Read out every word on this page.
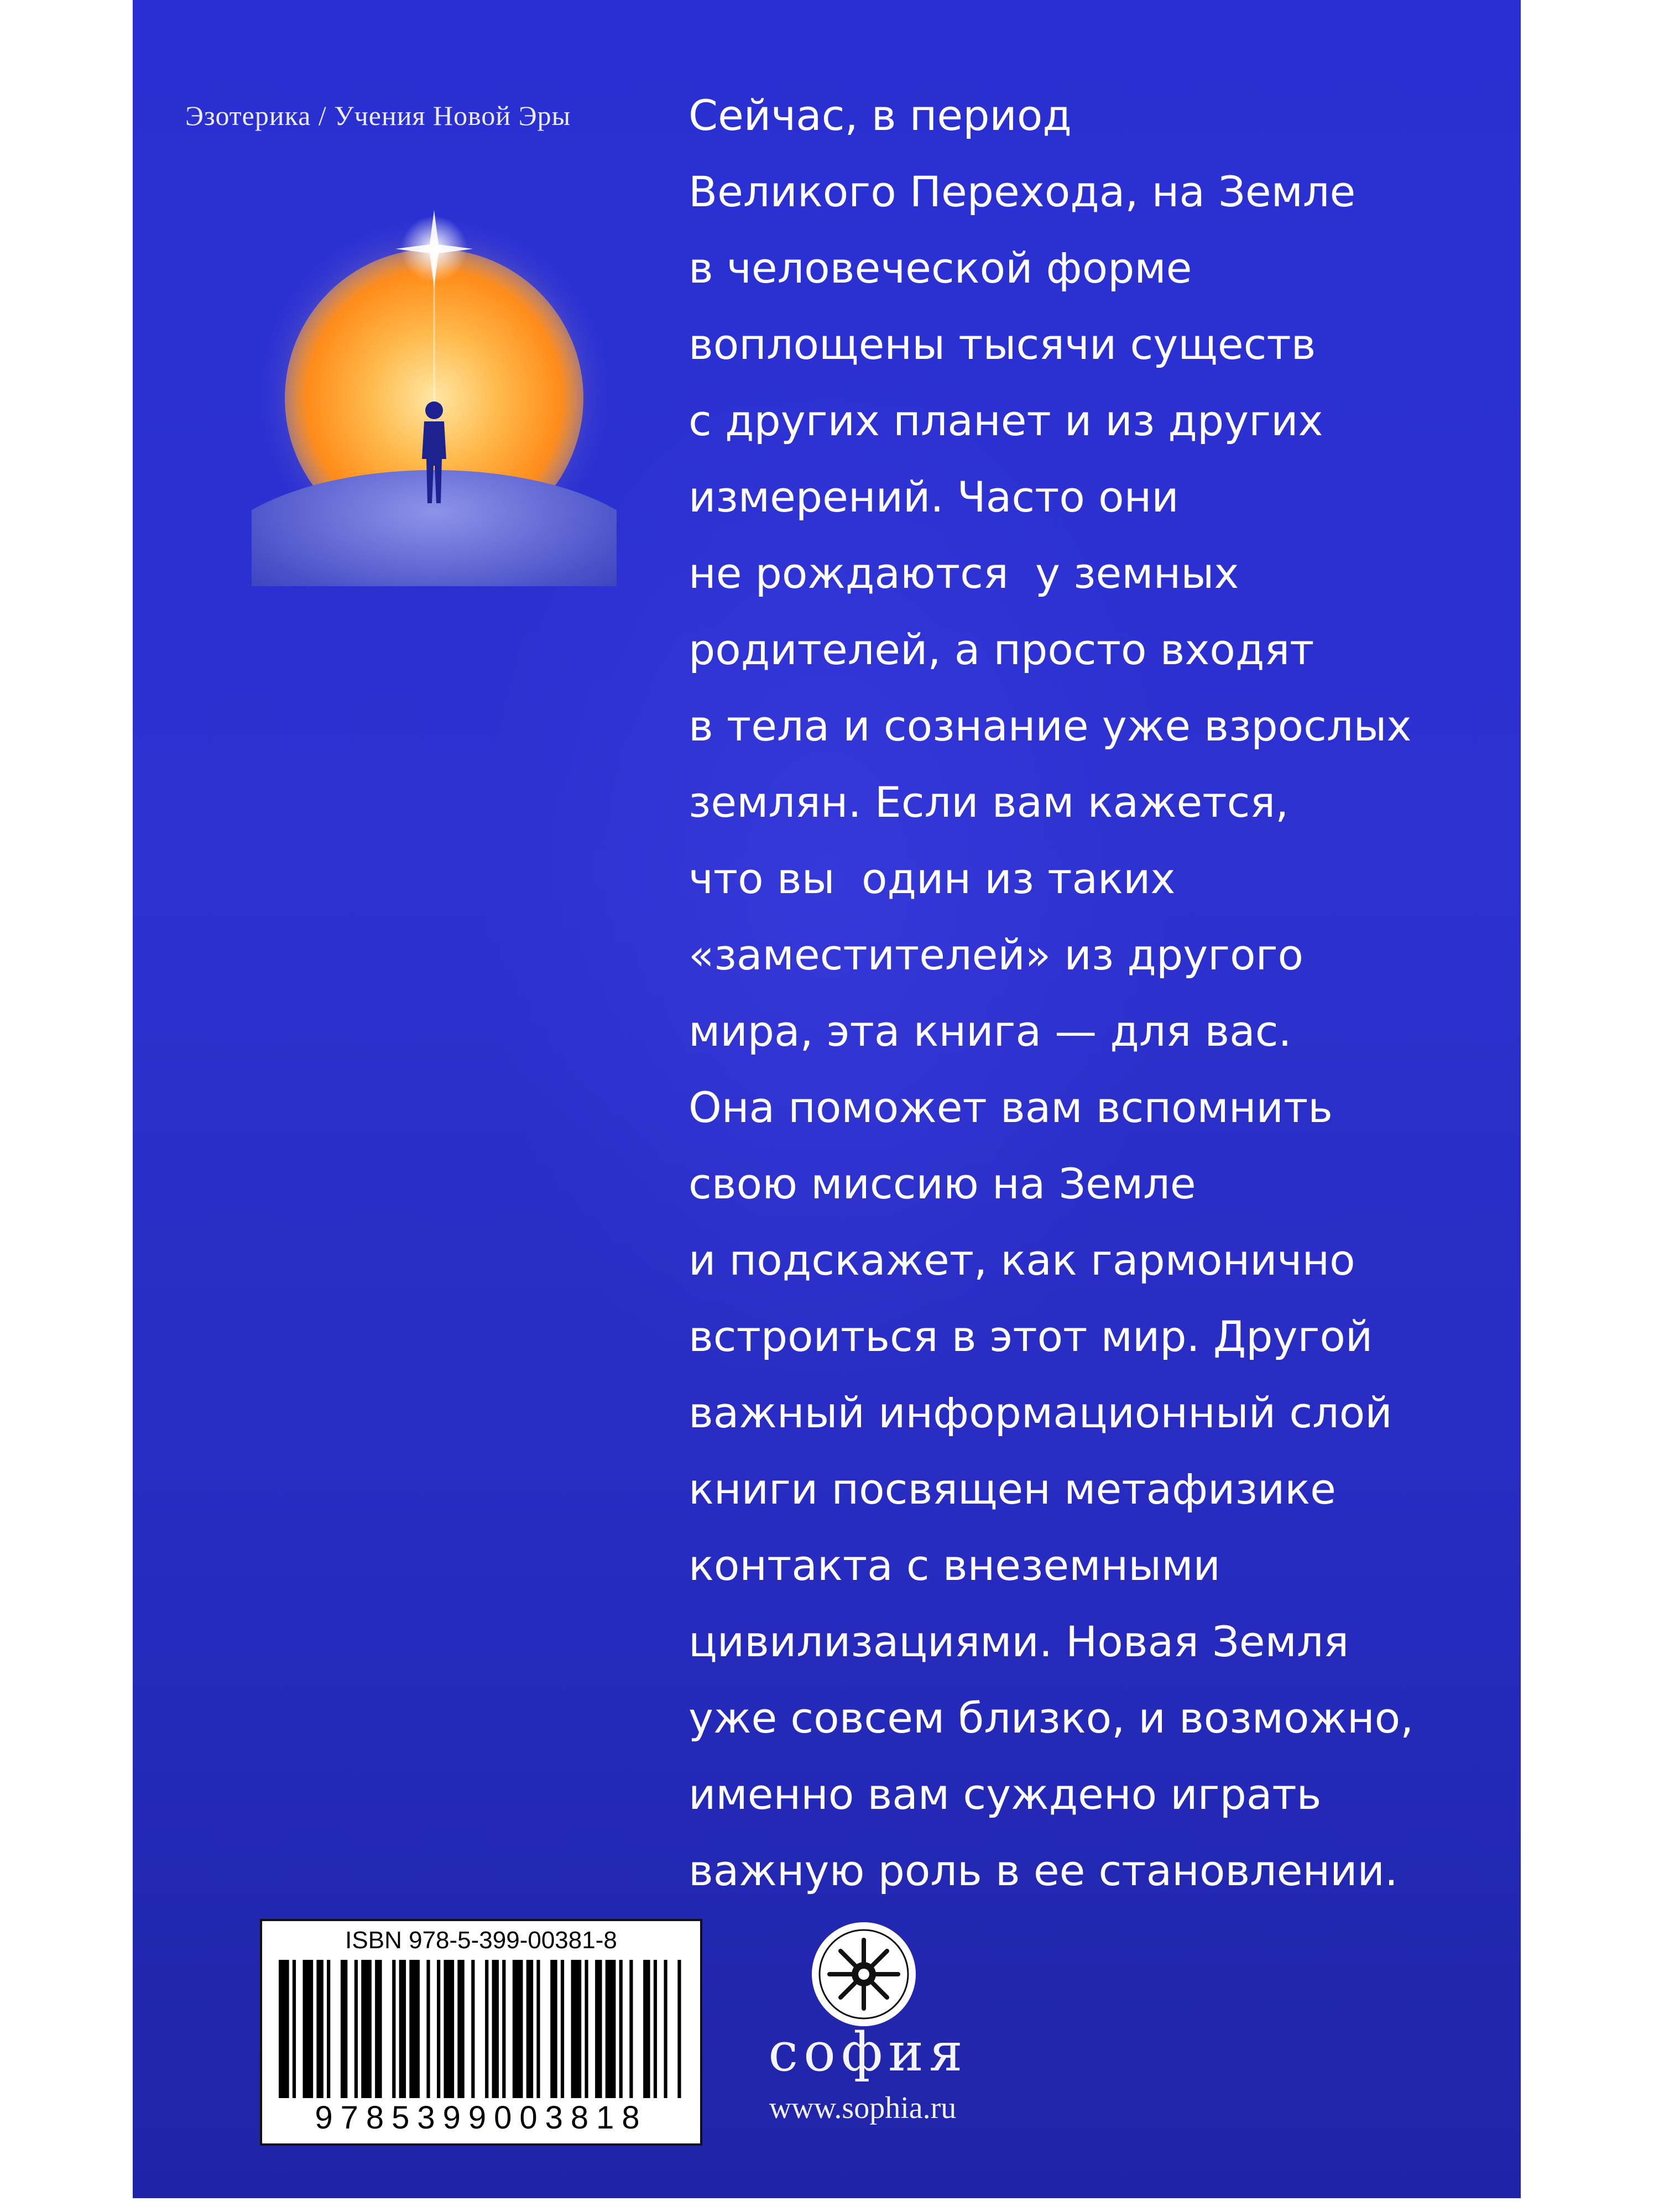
Эзотерика / Учения Новой Эры	Сейчас, в период
Великого Перехода, на Земле
в человеческой форме
воплощены тысячи существ
с других планет и из других
измерений. Часто они
не рождаются  у земных
родителей, а просто входят
в тела и сознание уже взрослых
землян. Если вам кажется,
что вы  один из таких
«заместителей» из другого
мира, эта книга — для вас.
Она поможет вам вспомнить
свою миссию на Земле
и подскажет, как гармонично
встроиться в этот мир. Другой
важный информационный слой
книги посвящен метафизике
контакта с внеземными
цивилизациями. Новая Земля
уже совсем близко, и возможно,
именно вам суждено играть
важную роль в ее становлении.
ISBN 978-5-399-00381-8
9785399003818
софия
www.sophia.ru
